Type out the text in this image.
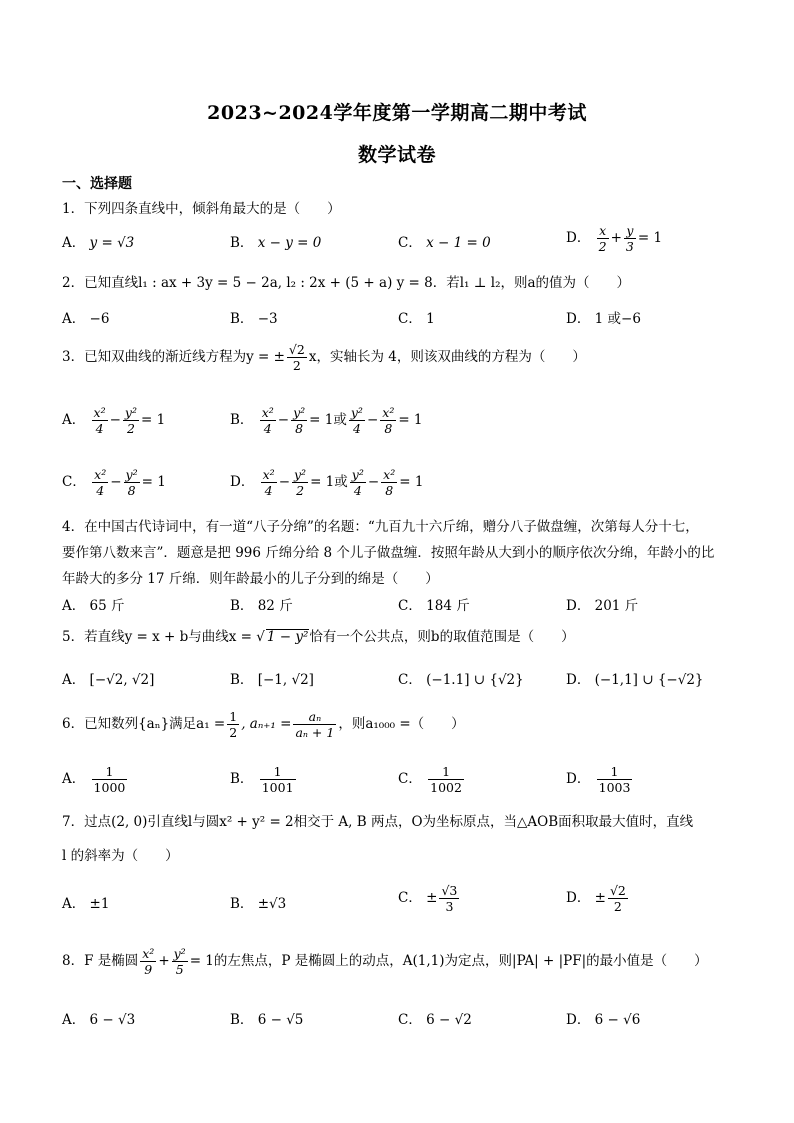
2023~2024学年度第一学期高二期中考试
数学试卷
一、选择题
1．下列四条直线中，倾斜角最大的是（　　）
A． y = √3	B． x − y = 0	C． x − 1 = 0	D． $\frac{x}{2} + \frac{y}{3} = 1$
2．已知直线l₁ : ax + 3y = 5 − 2a, l₂ : 2x + (5 + a) y = 8．若l₁ ⊥ l₂，则a的值为（　　）
A． −6	B． −3	C． 1	D． 1 或−6
3．已知双曲线的渐近线方程为y = ± $\frac{√2}{2}$ x，实轴长为 4，则该双曲线的方程为（　　）
A． $\frac{\text{x²}}{4} - \frac{\text{y²}}{2} = 1$	B． $\frac{\text{x²}}{4} - \frac{\text{y²}}{8} = 1$或 $\frac{\text{y²}}{4} - \frac{\text{x²}}{8} = 1$
C． $\frac{\text{x²}}{4} - \frac{\text{y²}}{8} = 1$	D． $\frac{\text{x²}}{4} - \frac{\text{y²}}{2} = 1$或 $\frac{\text{y²}}{4} - \frac{\text{x²}}{8} = 1$
4．在中国古代诗词中，有一道“八子分绵”的名题：“九百九十六斤绵，赠分八子做盘缠，次第每人分十七，
要作第八数来言”．题意是把 996 斤绵分给 8 个儿子做盘缠．按照年龄从大到小的顺序依次分绵，年龄小的比
年龄大的多分 17 斤绵．则年龄最小的儿子分到的绵是（　　）
A． 65 斤	B． 82 斤	C． 184 斤	D． 201 斤
5．若直线y = x + b与曲线x = √ 1 − y²恰有一个公共点，则b的取值范围是（　　）
A． [−√2, √2]	B． [−1, √2]	C． (−1.1] ∪ {√2}	D． (−1,1] ∪ {−√2}
6．已知数列{aₙ}满足$a_1 = \frac{1}{2}$ , $a_{n+1} = \frac{\text{aₙ}}{\text{aₙ + 1}}$ ，则a₁₀₀₀ =（　　）
A． $\frac{1}{1000}$	B． $\frac{1}{1001}$	C． $\frac{1}{1002}$	D． $\frac{1}{1003}$
7．过点(2, 0)引直线l与圆x² + y² = 2相交于 A, B 两点，O为坐标原点，当△AOB面积取最大值时，直线
l 的斜率为（　　）
A． ±1	B． ±√3	C． ± $\frac{√3}{3}$	D． ± $\frac{√2}{2}$
8．F 是椭圆 $\frac{\text{x²}}{9} + \frac{\text{y²}}{5} = 1$的左焦点，P 是椭圆上的动点，A(1,1)为定点，则|PA| + |PF|的最小值是（　　）
A． 6 − √3	B． 6 − √5	C． 6 − √2	D． 6 − √6
